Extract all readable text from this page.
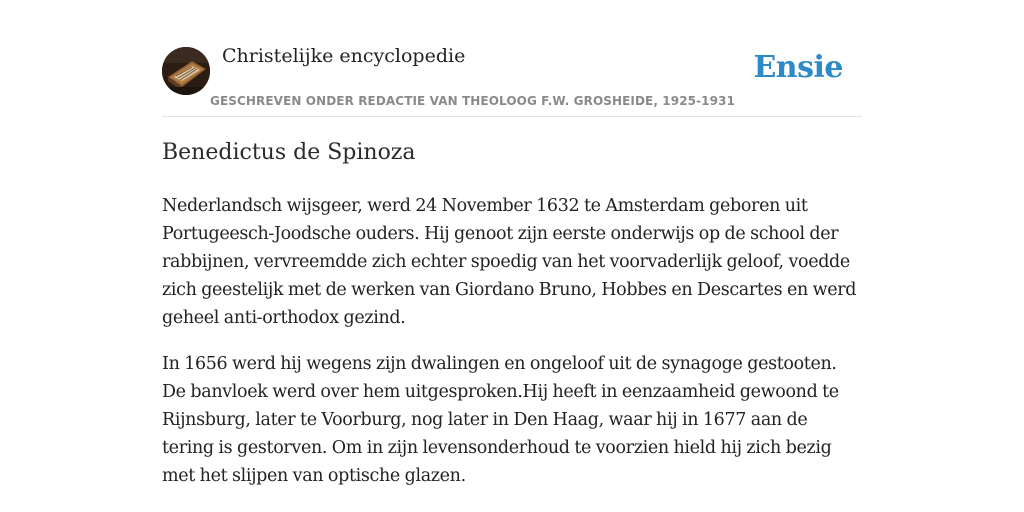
Christelijke encyclopedie
GESCHREVEN ONDER REDACTIE VAN THEOLOOG F.W. GROSHEIDE, 1925-1931
Ensie
Benedictus de Spinoza

Nederlandsch wijsgeer, werd 24 November 1632 te Amsterdam geboren uit Portugeesch-Joodsche ouders. Hij genoot zijn eerste onderwijs op de school der rabbijnen, vervreemdde zich echter spoedig van het voorvaderlijk geloof, voedde zich geestelijk met de werken van Giordano Bruno, Hobbes en Descartes en werd geheel anti-orthodox gezind.

In 1656 werd hij wegens zijn dwalingen en ongeloof uit de synagoge gestooten. De banvloek werd over hem uitgesproken.Hij heeft in eenzaamheid gewoond te Rijnsburg, later te Voorburg, nog later in Den Haag, waar hij in 1677 aan de tering is gestorven. Om in zijn levensonderhoud te voorzien hield hij zich bezig met het slijpen van optische glazen.
